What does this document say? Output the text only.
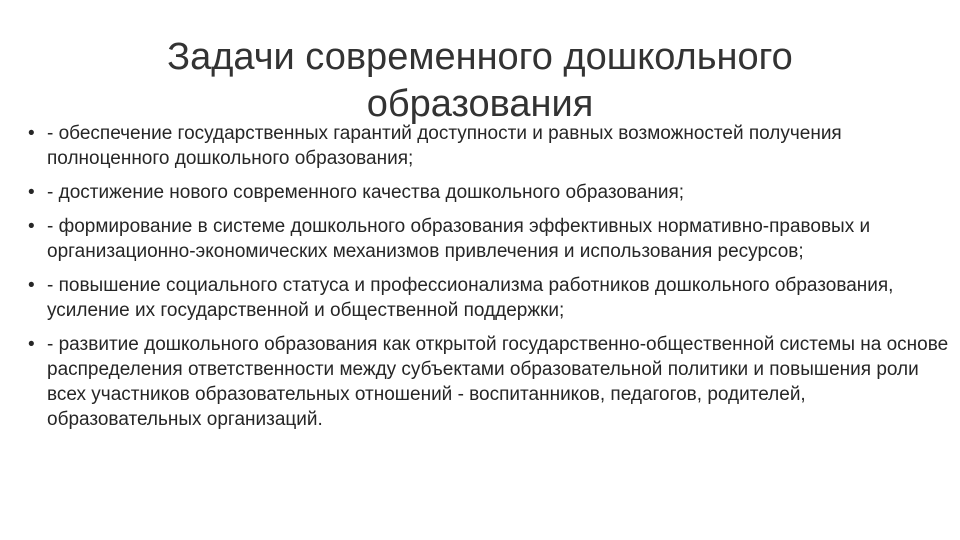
Задачи современного дошкольного образования
• - обеспечение государственных гарантий доступности и равных возможностей получения полноценного дошкольного образования;
• - достижение нового современного качества дошкольного образования;
• - формирование в системе дошкольного образования эффективных нормативно-правовых и организационно-экономических механизмов привлечения и использования ресурсов;
• - повышение социального статуса и профессионализма работников дошкольного образования, усиление их государственной и общественной поддержки;
• - развитие дошкольного образования как открытой государственно-общественной системы на основе распределения ответственности между субъектами образовательной политики и повышения роли всех участников образовательных отношений - воспитанников, педагогов, родителей, образовательных организаций.
